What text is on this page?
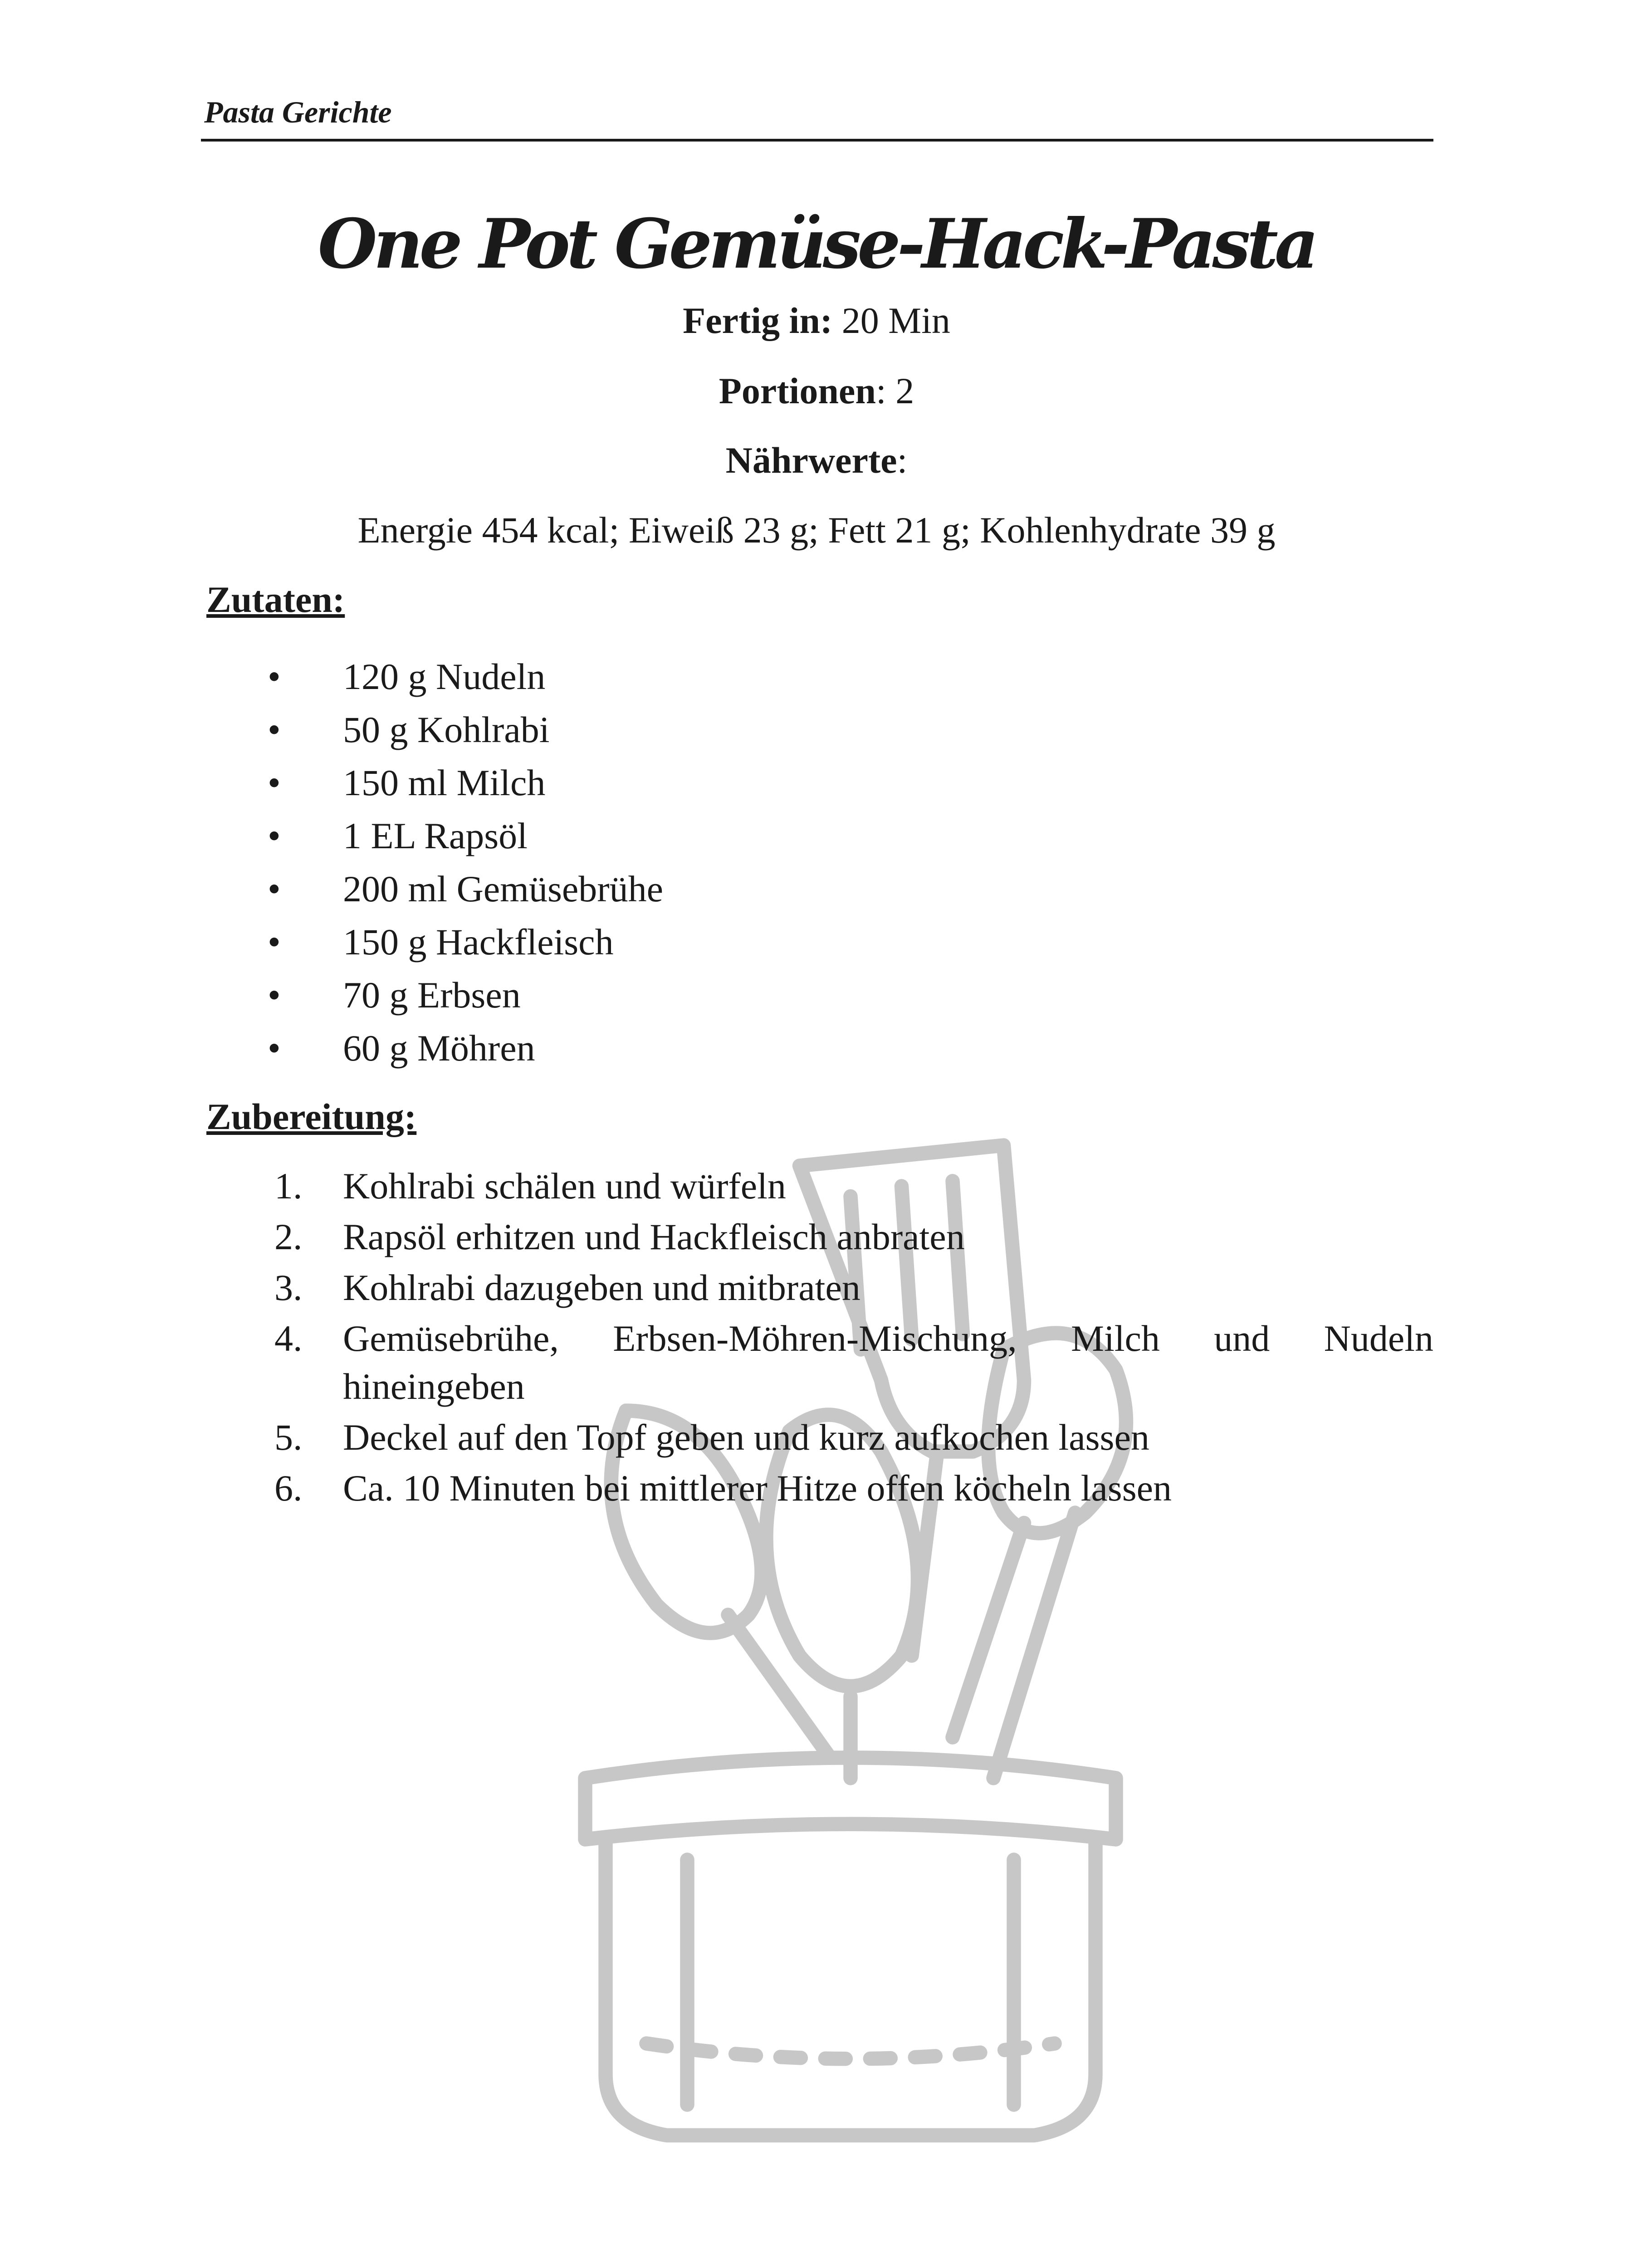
Pasta Gerichte
One Pot Gemüse-Hack-Pasta
Fertig in: 20 Min
Portionen: 2
Nährwerte:
Energie 454 kcal; Eiweiß 23 g; Fett 21 g; Kohlenhydrate 39 g
Zutaten:
• 120 g Nudeln
• 50 g Kohlrabi
• 150 ml Milch
• 1 EL Rapsöl
• 200 ml Gemüsebrühe
• 150 g Hackfleisch
• 70 g Erbsen
• 60 g Möhren
Zubereitung:
1. Kohlrabi schälen und würfeln
2. Rapsöl erhitzen und Hackfleisch anbraten
3. Kohlrabi dazugeben und mitbraten
4. Gemüsebrühe, Erbsen-Möhren-Mischung, Milch und Nudeln
hineingeben
5. Deckel auf den Topf geben und kurz aufkochen lassen
6. Ca. 10 Minuten bei mittlerer Hitze offen köcheln lassen
